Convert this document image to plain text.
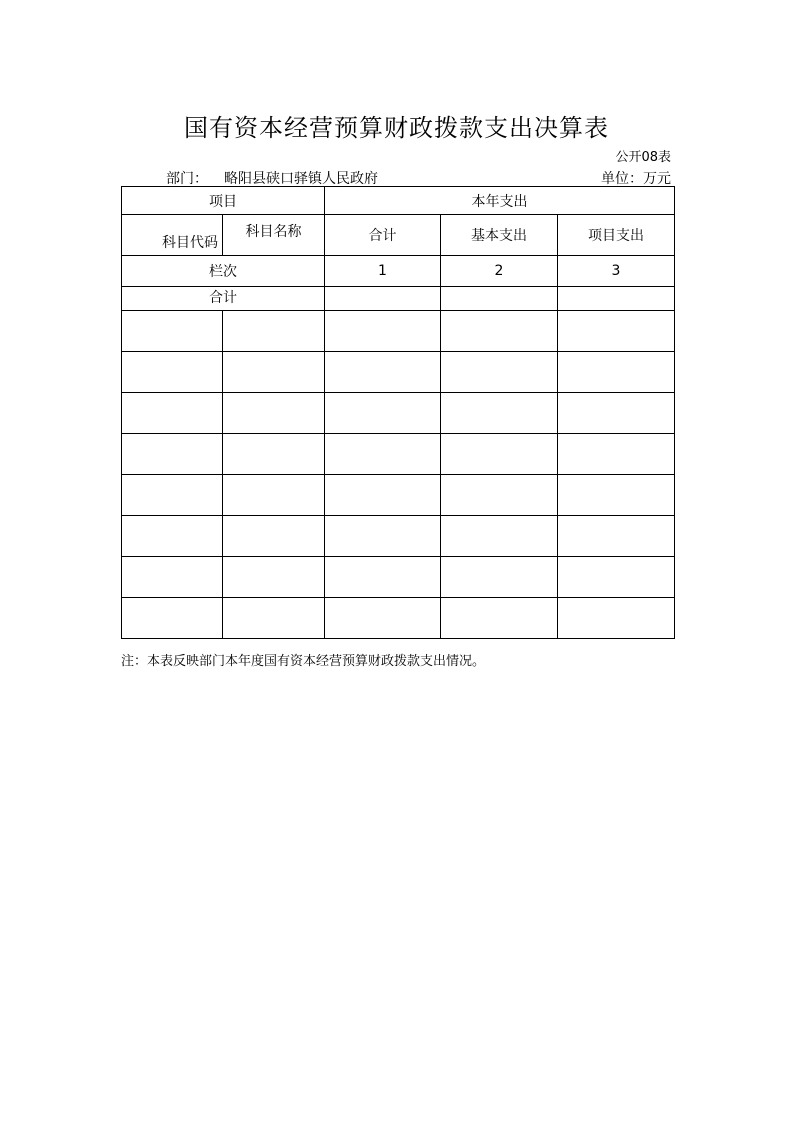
国有资本经营预算财政拨款支出决算表
公开08表
部门： 略阳县硖口驿镇人民政府	单位：万元
项目		本年支出		

科目代码	科目名称	合计	基本支出	项目支出
栏次		1	2	3
合计				

注：本表反映部门本年度国有资本经营预算财政拨款支出情况。
